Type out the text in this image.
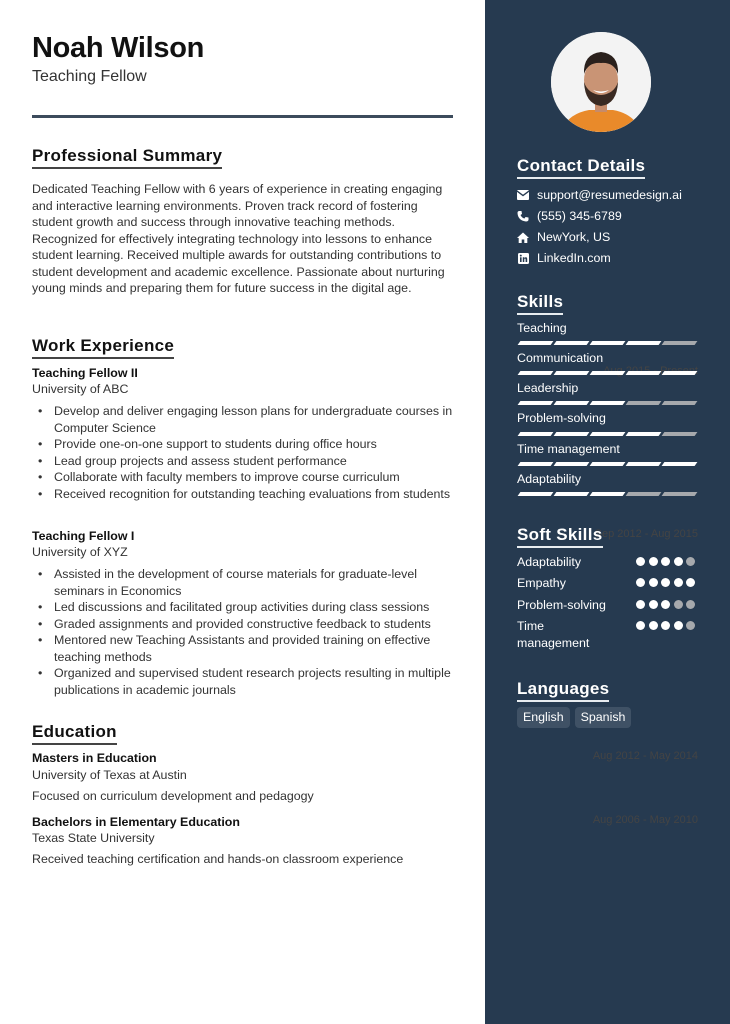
Noah Wilson
Teaching Fellow
Professional Summary
Dedicated Teaching Fellow with 6 years of experience in creating engaging and interactive learning environments. Proven track record of fostering student growth and success through innovative teaching methods. Recognized for effectively integrating technology into lessons to enhance student learning. Received multiple awards for outstanding contributions to student development and academic excellence. Passionate about nurturing young minds and preparing them for future success in the digital age.
Work Experience
Teaching Fellow II
University of ABC
• Develop and deliver engaging lesson plans for undergraduate courses in Computer Science
• Provide one-on-one support to students during office hours
• Lead group projects and assess student performance
• Collaborate with faculty members to improve course curriculum
• Received recognition for outstanding teaching evaluations from students
Teaching Fellow I	Sep 2012 - Aug 2015
University of XYZ
• Assisted in the development of course materials for graduate-level seminars in Economics
• Led discussions and facilitated group activities during class sessions
• Graded assignments and provided constructive feedback to students
• Mentored new Teaching Assistants and provided training on effective teaching methods
• Organized and supervised student research projects resulting in multiple publications in academic journals
Education
Masters in Education	Aug 2012 - May 2014
University of Texas at Austin
Focused on curriculum development and pedagogy
Bachelors in Elementary Education	Aug 2006 - May 2010
Texas State University
Received teaching certification and hands-on classroom experience
Contact Details
support@resumedesign.ai
(555) 345-6789
NewYork, US
LinkedIn.com
Skills
Teaching
Communication
Leadership
Problem-solving
Time management
Adaptability
Soft Skills
Adaptability
Empathy
Problem-solving
Time management
Languages
English	Spanish
